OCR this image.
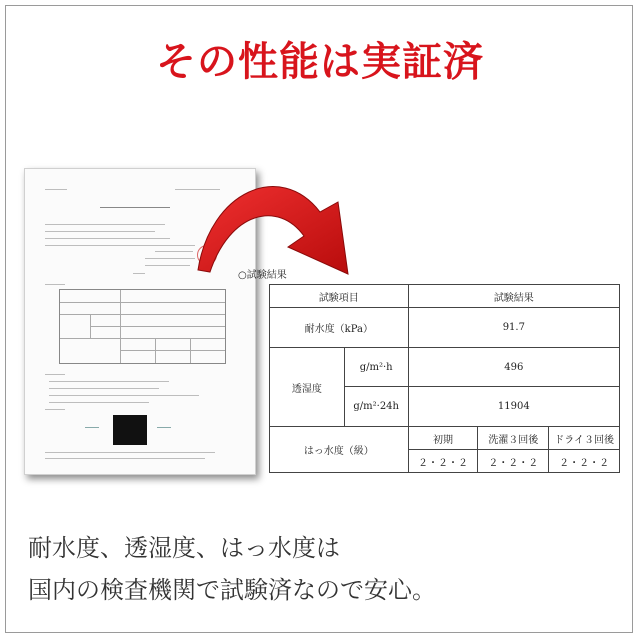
その性能は実証済
○試験結果
試験項目		試験結果		
耐水度（kPa）		91.7		
透湿度	g/m²·h	496		
	g/m²·24h	11904		
はっ水度（級）		初期	洗濯３回後	ドライ３回後
		２・２・２	２・２・２	２・２・２
耐水度、透湿度、はっ水度は
国内の検査機関で試験済なので安心。
